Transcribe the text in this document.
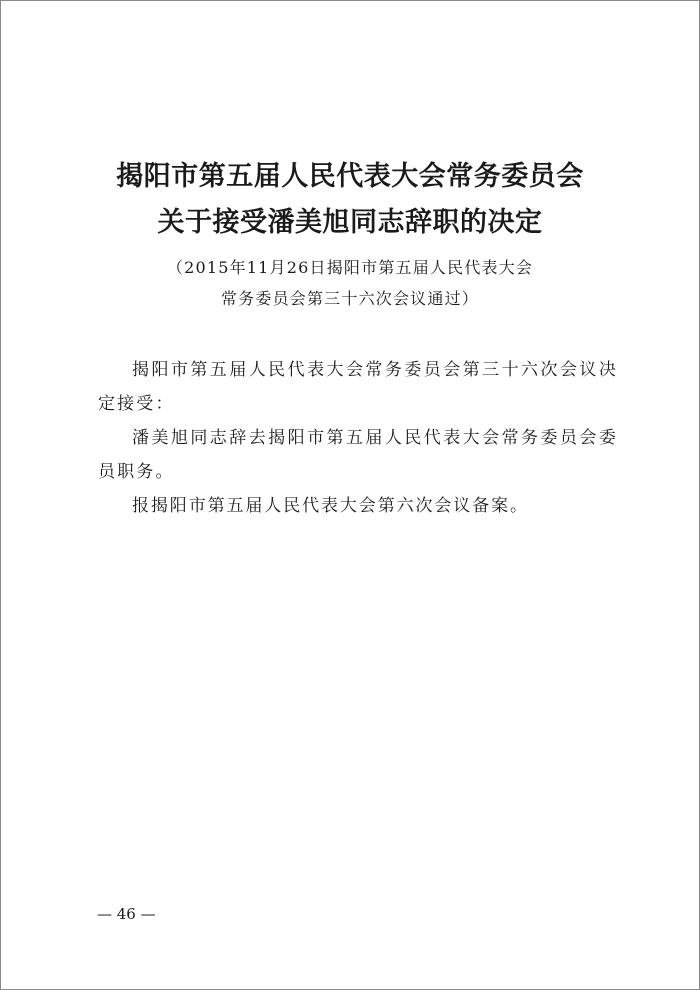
揭阳市第五届人民代表大会常务委员会
关于接受潘美旭同志辞职的决定
（2015年11月26日揭阳市第五届人民代表大会
常务委员会第三十六次会议通过）

揭阳市第五届人民代表大会常务委员会第三十六次会议决定接受：

潘美旭同志辞去揭阳市第五届人民代表大会常务委员会委员职务。

报揭阳市第五届人民代表大会第六次会议备案。

— 46 —
